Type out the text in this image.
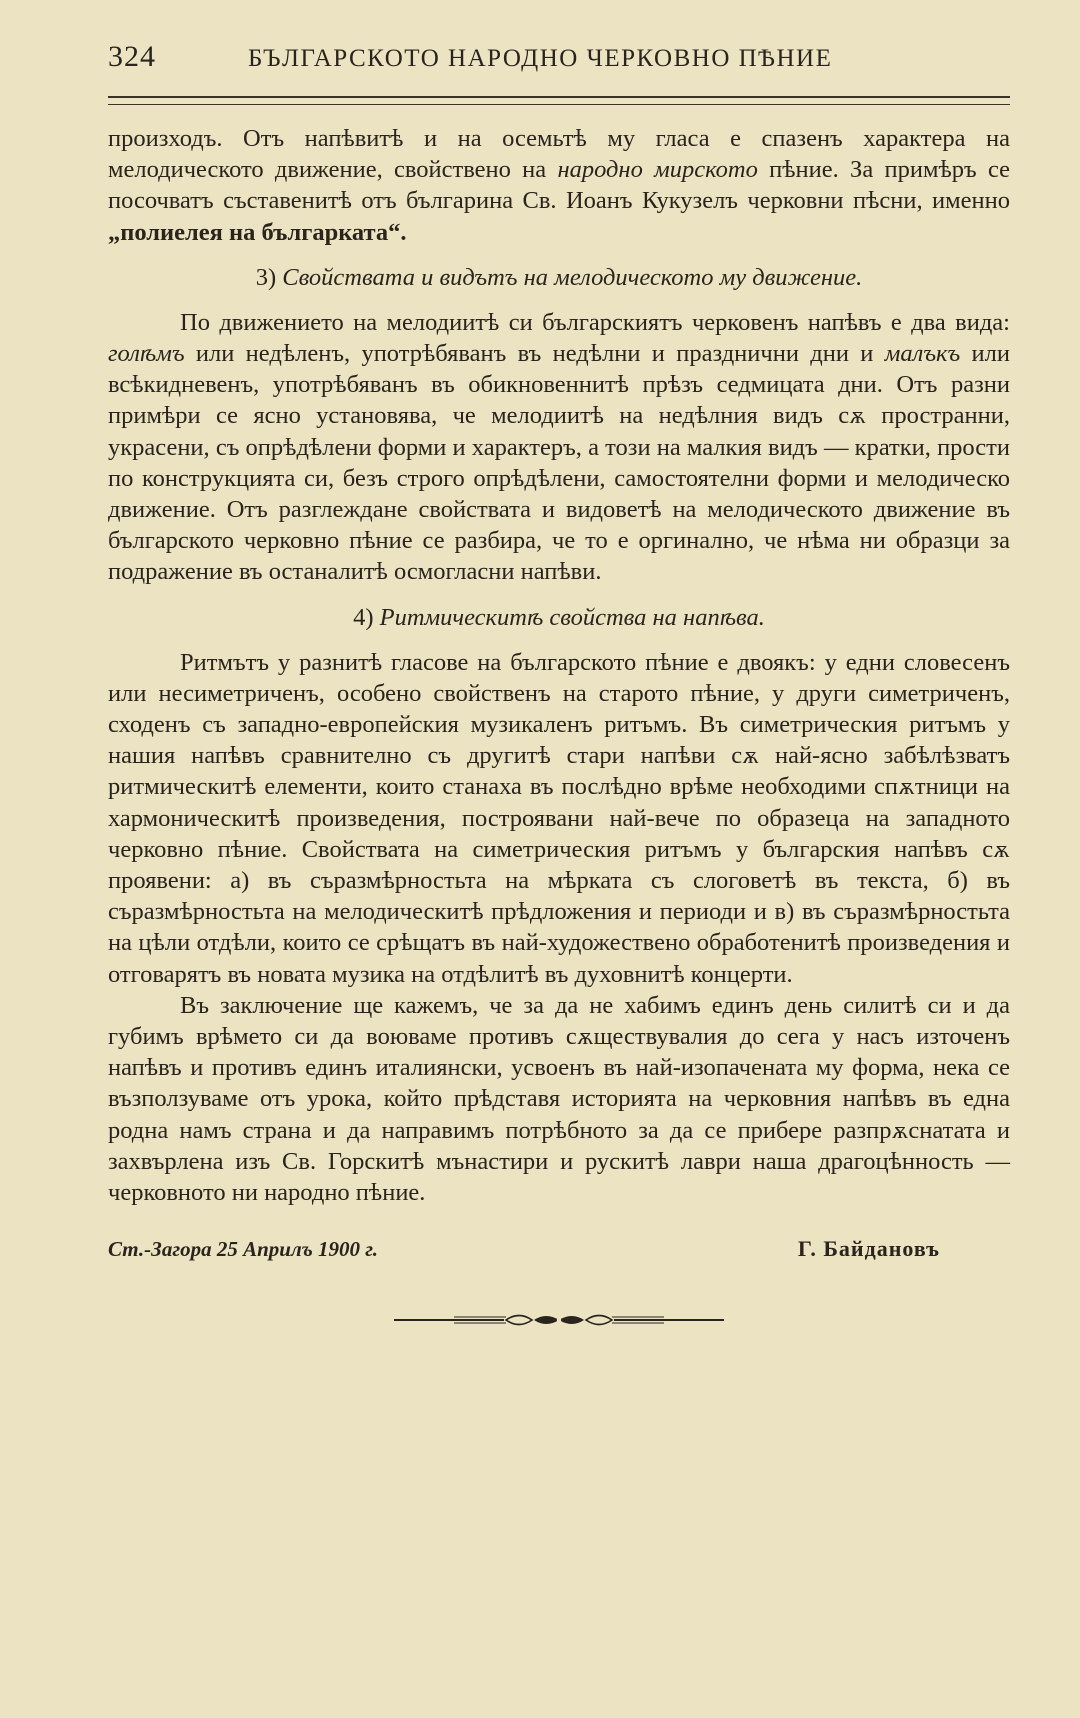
324	БЪЛГАРСКОТО НАРОДНО ЧЕРКОВНО ПѢНИЕ

произходъ. Отъ напѣвитѣ и на осемьтѣ му гласа е спазенъ характера на мелодическото движение, свойствено на народно мирското пѣние. За примѣръ се посочватъ съставенитѣ отъ българина Св. Иоанъ Кукузелъ черковни пѣсни, именно „полиелея на българката“.

3) Свойствата и видътъ на мелодическото му движение.

По движението на мелодиитѣ си българскиятъ черковенъ напѣвъ е два вида: голѣмъ или недѣленъ, употрѣбяванъ въ недѣлни и празднични дни и малъкъ или всѣкидневенъ, употрѣбяванъ въ обикновеннитѣ прѣзъ седмицата дни. Отъ разни примѣри се ясно установява, че мелодиитѣ на недѣлния видъ сѫ пространни, украсени, съ опрѣдѣлени форми и характеръ, а този на малкия видъ — кратки, прости по конструкцията си, безъ строго опрѣдѣлени, самостоятелни форми и мелодическо движение. Отъ разглеждане свойствата и видоветѣ на мелодическото движение въ българското черковно пѣние се разбира, че то е оргинално, че нѣма ни образци за подражение въ останалитѣ осмогласни напѣви.

4) Ритмическитѣ свойства на напѣва.

Ритмътъ у разнитѣ гласове на българското пѣние е двоякъ: у едни словесенъ или несиметриченъ, особено свойственъ на старото пѣние, у други симетриченъ, сходенъ съ западно-европейския музикаленъ ритъмъ. Въ симетрическия ритъмъ у нашия напѣвъ сравнително съ другитѣ стари напѣви сѫ най-ясно забѣлѣзватъ ритмическитѣ елементи, които станаха въ послѣдно врѣме необходими спѫтници на хармоническитѣ произведения, построявани най-вече по образеца на западното черковно пѣние. Свойствата на симетрическия ритъмъ у българския напѣвъ сѫ проявени: а) въ съразмѣрностьта на мѣрката съ слоговетѣ въ текста, б) въ съразмѣрностьта на мелодическитѣ прѣдложения и периоди и в) въ съразмѣрностьта на цѣли отдѣли, които се срѣщатъ въ най-художествено обработенитѣ произведения и отговарятъ въ новата музика на отдѣлитѣ въ духовнитѣ концерти.

Въ заключение ще кажемъ, че за да не хабимъ единъ день силитѣ си и да губимъ врѣмето си да воюваме противъ сѫществувалия до сега у насъ източенъ напѣвъ и противъ единъ италиянски, усвоенъ въ най-изопачената му форма, нека се възползуваме отъ урока, който прѣдставя историята на черковния напѣвъ въ една родна намъ страна и да направимъ потрѣбното за да се прибере разпрѫснатата и захвърлена изъ Св. Горскитѣ мънастири и рускитѣ лаври наша драгоцѣнность — черковното ни народно пѣние.

Ст.-Загора 25 Априлъ 1900 г.	Г. Байдановъ
